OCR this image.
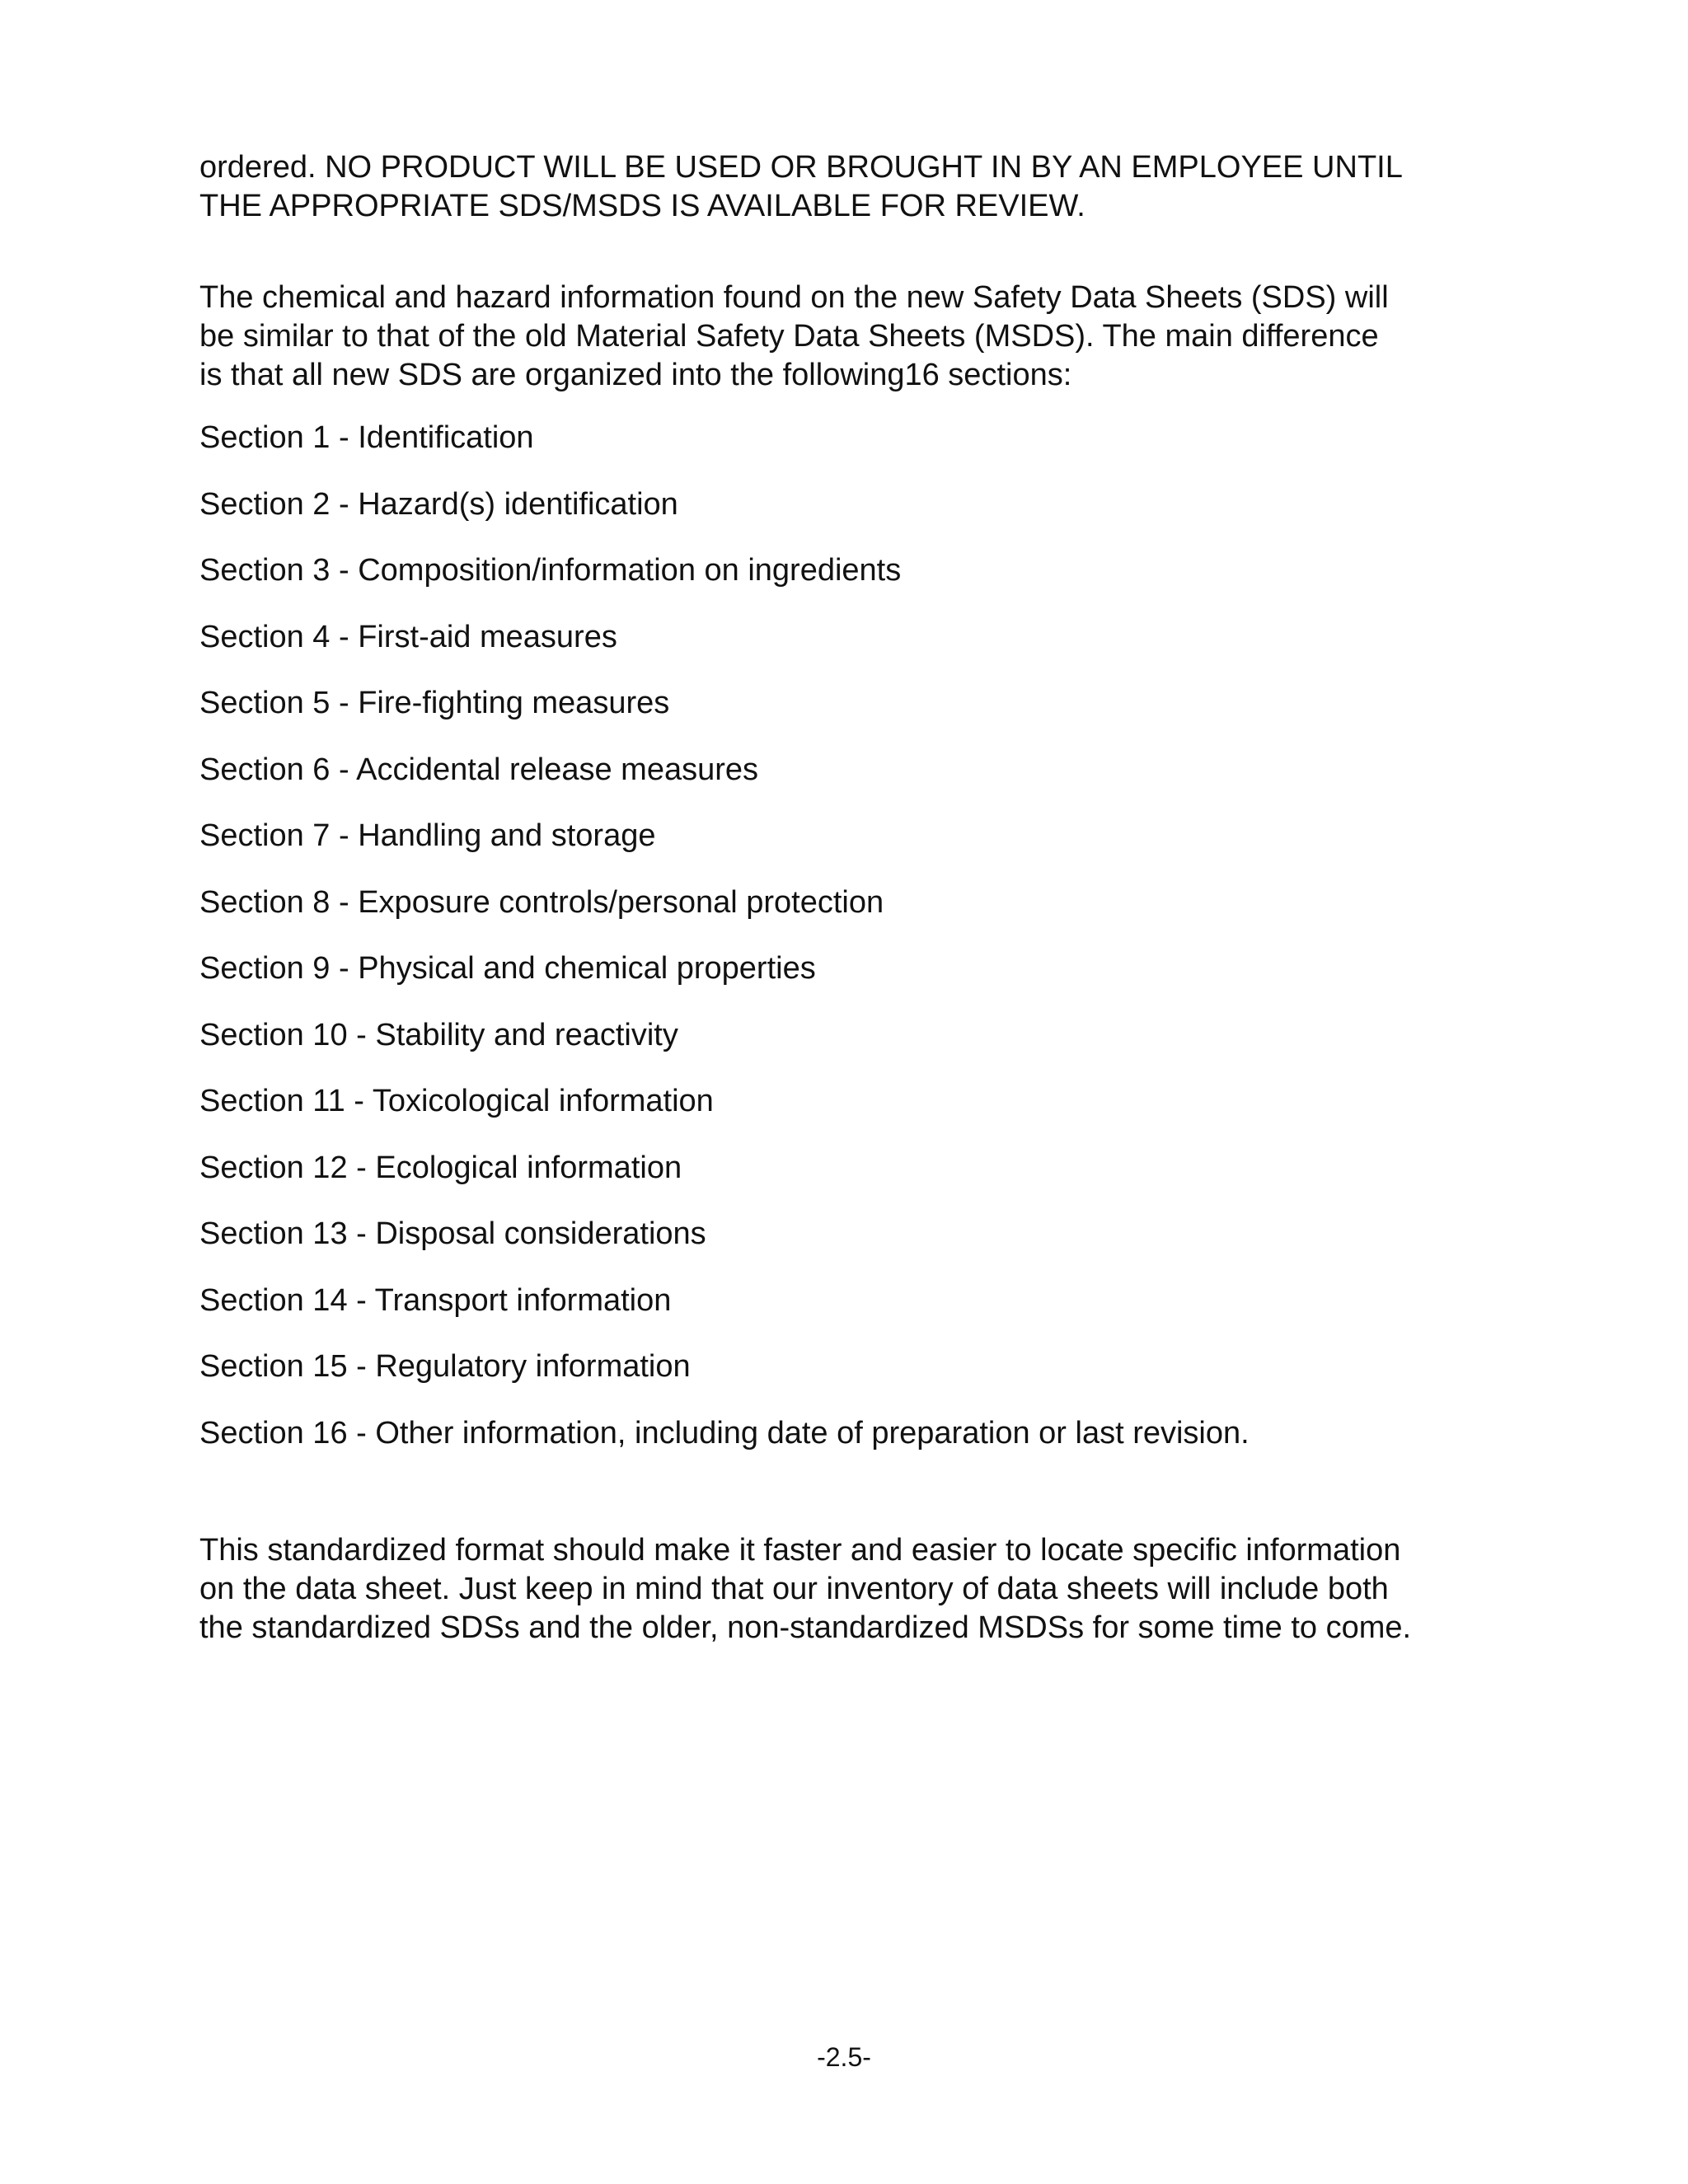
ordered. NO PRODUCT WILL BE USED OR BROUGHT IN BY AN EMPLOYEE UNTIL
THE APPROPRIATE SDS/MSDS IS AVAILABLE FOR REVIEW.

The chemical and hazard information found on the new Safety Data Sheets (SDS) will
be similar to that of the old Material Safety Data Sheets (MSDS). The main difference
is that all new SDS are organized into the following16 sections:

Section 1 - Identification
Section 2 - Hazard(s) identification
Section 3 - Composition/information on ingredients
Section 4 - First-aid measures
Section 5 - Fire-fighting measures
Section 6 - Accidental release measures
Section 7 - Handling and storage
Section 8 - Exposure controls/personal protection
Section 9 - Physical and chemical properties
Section 10 - Stability and reactivity
Section 11 - Toxicological information
Section 12 - Ecological information
Section 13 - Disposal considerations
Section 14 - Transport information
Section 15 - Regulatory information
Section 16 - Other information, including date of preparation or last revision.

This standardized format should make it faster and easier to locate specific information
on the data sheet. Just keep in mind that our inventory of data sheets will include both
the standardized SDSs and the older, non-standardized MSDSs for some time to come.

-2.5-
